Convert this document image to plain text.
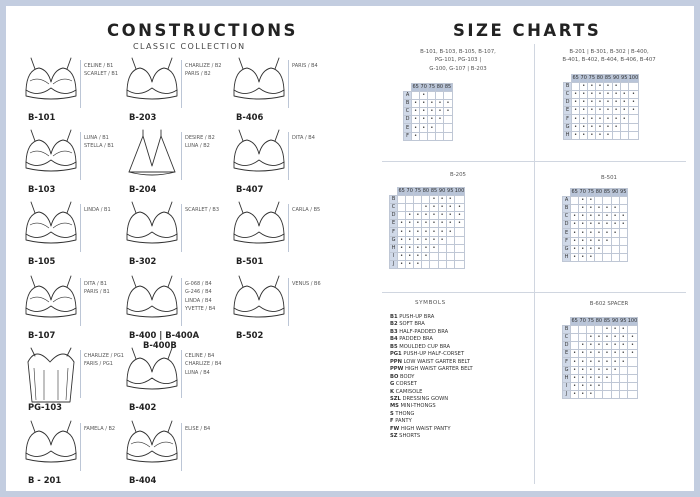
CONSTRUCTIONS
CLASSIC COLLECTION
SIZE CHARTS
CELINE / B1
SCARLET / B1
B-101
CHARLIZE / B2
PARIS / B2
B-203
PARIS / B4
B-406
LUNA / B1
STELLA / B1
B-103
DESIRE / B2
LUNA / B2
B-204
DITA / B4
B-407
LINDA / B1
B-105
SCARLET / B3
B-302
CARLA / B5
B-501
DITA / B1
PARIS / B1
B-107
G-068 / B4
G-246 / B4
LINDA / B4
YVETTE / B4
B-400 | B-400A
B-400B
VENUS / B6
B-502
CHARLIZE / PG1
FARIS / PG1
PG-103
CELINE / B4
CHARLIZE / B4
LUNA / B4
B-402
FAMELA / B2
B - 201
ELISE / B4
B-404
B-101, B-103, B-105, B-107,
PG-101, PG-103 |
G-100, G-107 | B-203
	65	70	75	80	85
A		•			
B	•	•	•	•	•
C	•	•	•	•	•
D	•	•	•	•	
E	•	•	•		
F	•				
B-201 | B-301, B-302 | B-400,
B-401, B-402, B-404, B-406, B-407
	65	70	75	80	85	90	95	100
B		•	•	•	•	•		
C	•	•	•	•	•	•	•	•
D	•	•	•	•	•	•	•	•
E	•	•	•	•	•	•	•	•
F	•	•	•	•	•	•	•	
G	•	•	•	•	•	•		
H	•	•	•	•	•			
B-205
	65	70	75	80	85	90	95	100
B					•	•	•	
C				•	•	•	•	•
D		•	•	•	•	•	•	•
E	•	•	•	•	•	•	•	•
F	•	•	•	•	•	•	•	
G	•	•	•	•	•	•		
H	•	•	•	•	•			
I	•	•	•	•				
J	•	•	•					
B-501
	65	70	75	80	85	90	95
A		•	•				
B		•	•	•	•	•	
C	•	•	•	•	•	•	•
D	•	•	•	•	•	•	•
E	•	•	•	•	•	•	
F	•	•	•	•	•		
G	•	•	•	•			
H	•	•	•				
B-602 SPACER
	65	70	75	80	85	90	95	100
B					•	•	•	
C			•	•	•	•	•	•
D		•	•	•	•	•	•	•
E	•	•	•	•	•	•	•	•
F	•	•	•	•	•	•	•	
G	•	•	•	•	•	•		
H	•	•	•	•	•			
I	•	•	•	•				
J	•	•	•					
SYMBOLS
B1 PUSH-UP BRA
B2 SOFT BRA
B3 HALF-PADDED BRA
B4 PADDED BRA
B5 MOULDED CUP BRA
PG1 PUSH-UP HALF-CORSET
PPN LOW WAIST GARTER BELT
PPW HIGH WAIST GARTER BELT
BO BODY
G CORSET
K CAMISOLE
SZL DRESSING GOWN
MS MINI-THONGS
S THONG
F PANTY
FW HIGH WAIST PANTY
SZ SHORTS
